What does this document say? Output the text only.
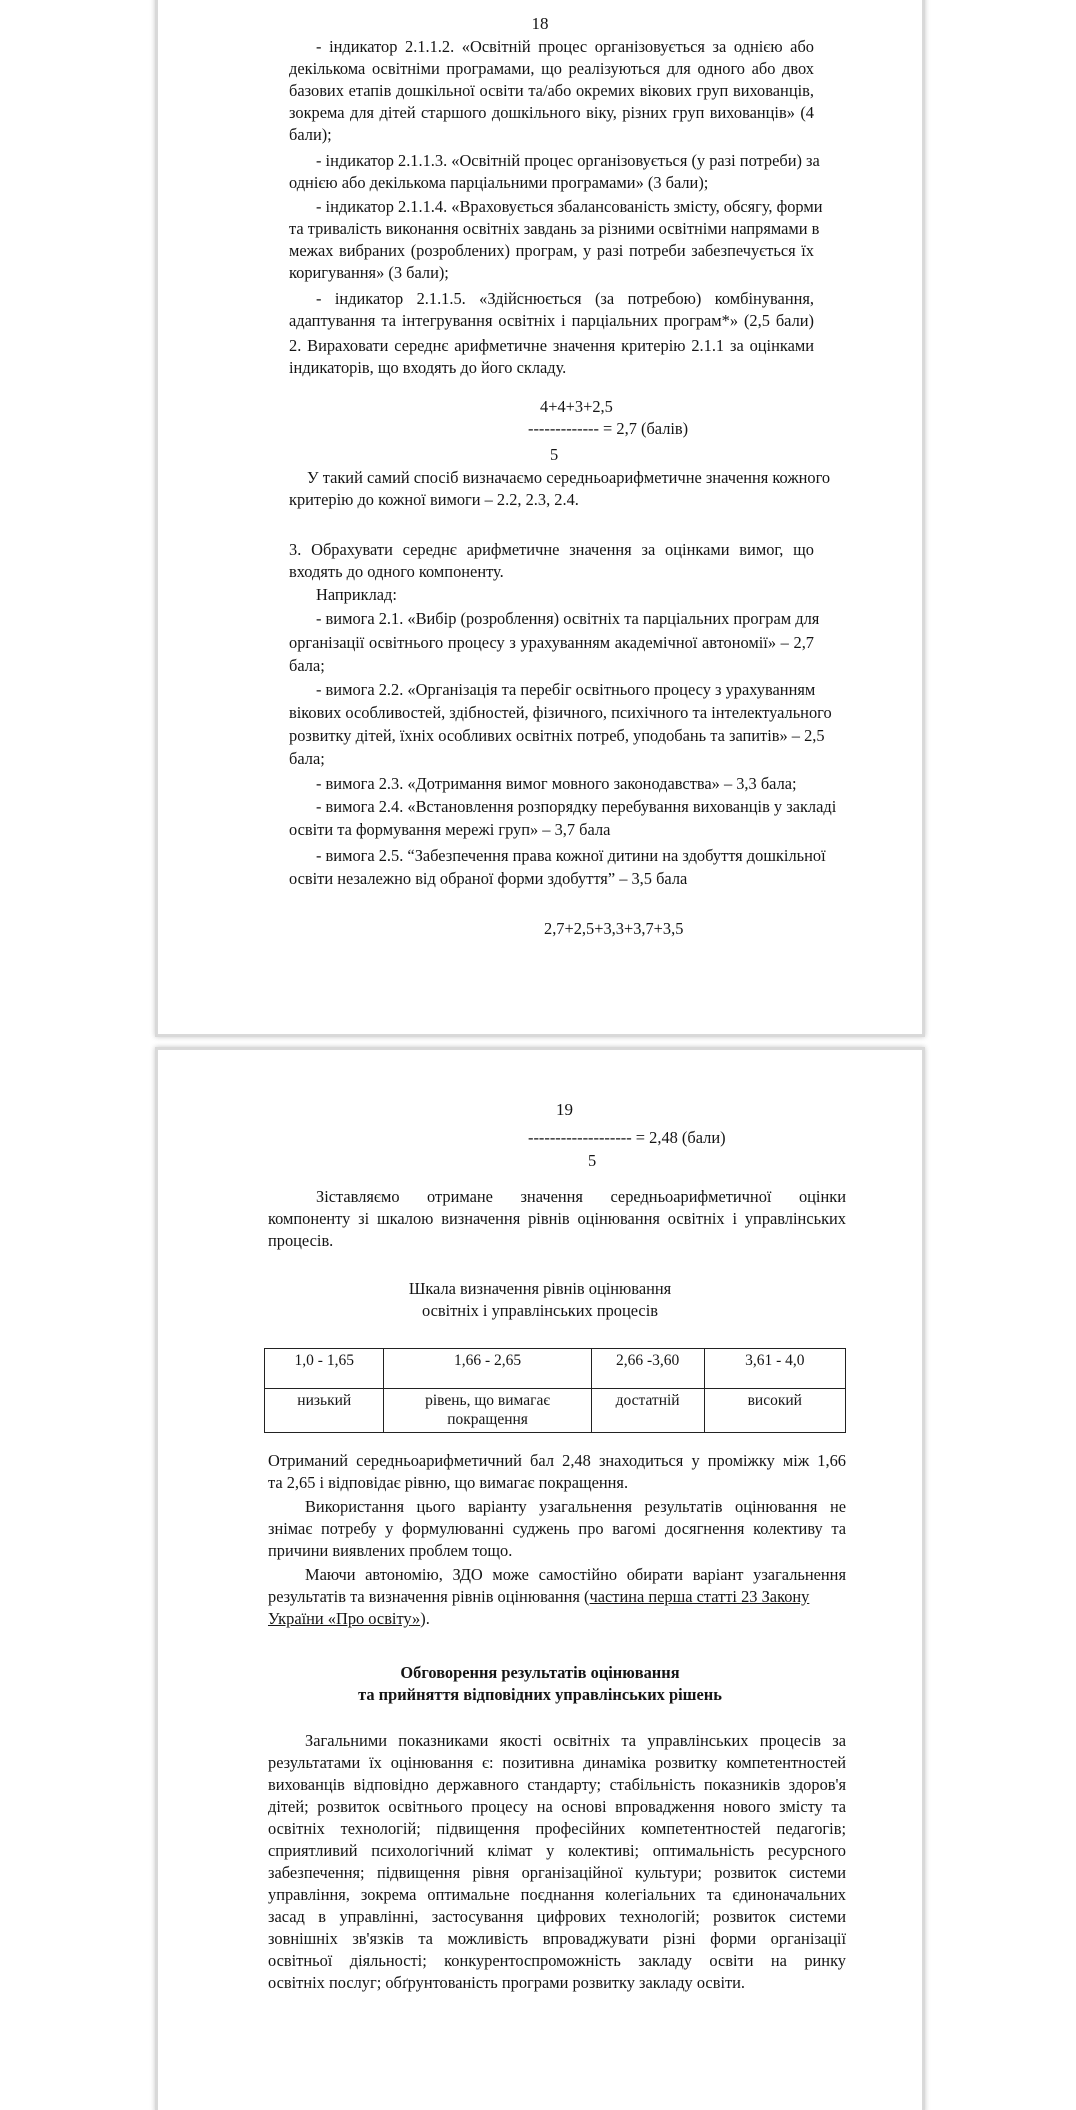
18
- індикатор 2.1.1.2. «Освітній процес організовується за однією або
декількома освітніми програмами, що реалізуються для одного або двох
базових етапів дошкільної освіти та/або окремих вікових груп вихованців,
зокрема для дітей старшого дошкільного віку, різних груп вихованців» (4
бали);
- індикатор 2.1.1.3. «Освітній процес організовується (у разі потреби) за
однією або декількома парціальними програмами» (3 бали);
- індикатор 2.1.1.4. «Враховується збалансованість змісту, обсягу, форми
та тривалість виконання освітніх завдань за різними освітніми напрямами в
межах вибраних (розроблених) програм, у разі потреби забезпечується їх
коригування» (3 бали);
- індикатор 2.1.1.5. «Здійснюється (за потребою) комбінування,
адаптування та інтегрування освітніх і парціальних програм*» (2,5 бали)
2. Вираховати середнє арифметичне значення критерію 2.1.1 за оцінками
індикаторів, що входять до його складу.
4+4+3+2,5
------------- = 2,7 (балів)
5
У такий самий спосіб визначаємо середньоарифметичне значення кожного
критерію до кожної вимоги – 2.2, 2.3, 2.4.
3. Обрахувати середнє арифметичне значення за оцінками вимог, що
входять до одного компоненту.
Наприклад:
- вимога 2.1. «Вибір (розроблення) освітніх та парціальних програм для
організації освітнього процесу з урахуванням академічної автономії» – 2,7
бала;
- вимога 2.2. «Організація та перебіг освітнього процесу з урахуванням
вікових особливостей, здібностей, фізичного, психічного та інтелектуального
розвитку дітей, їхніх особливих освітніх потреб, уподобань та запитів» – 2,5
бала;
- вимога 2.3. «Дотримання вимог мовного законодавства» – 3,3 бала;
- вимога 2.4. «Встановлення розпорядку перебування вихованців у закладі
освіти та формування мережі груп» – 3,7 бала
- вимога 2.5. “Забезпечення права кожної дитини на здобуття дошкільної
освіти незалежно від обраної форми здобуття” – 3,5 бала
2,7+2,5+3,3+3,7+3,5
19
------------------- = 2,48 (бали)
5
Зіставляємо отримане значення середньоарифметичної оцінки
компоненту зі шкалою визначення рівнів оцінювання освітніх і управлінських
процесів.
Шкала визначення рівнів оцінювання
освітніх і управлінських процесів
1,0 - 1,65	1,66 - 2,65	2,66 -3,60	3,61 - 4,0
низький	рівень, що вимагає покращення	достатній	високий
Отриманий середньоарифметичний бал 2,48 знаходиться у проміжку між 1,66
та 2,65 і відповідає рівню, що вимагає покращення.
Використання цього варіанту узагальнення результатів оцінювання не
знімає потребу у формулюванні суджень про вагомі досягнення колективу та
причини виявлених проблем тощо.
Маючи автономію, ЗДО може самостійно обирати варіант узагальнення
результатів та визначення рівнів оцінювання (частина перша статті 23 Закону
України «Про освіту»).
Обговорення результатів оцінювання
та прийняття відповідних управлінських рішень
Загальними показниками якості освітніх та управлінських процесів за
результатами їх оцінювання є: позитивна динаміка розвитку компетентностей
вихованців відповідно державного стандарту; стабільність показників здоров'я
дітей; розвиток освітнього процесу на основі впровадження нового змісту та
освітніх технологій; підвищення професійних компетентностей педагогів;
сприятливий психологічний клімат у колективі; оптимальність ресурсного
забезпечення; підвищення рівня організаційної культури; розвиток системи
управління, зокрема оптимальне поєднання колегіальних та єдиноначальних
засад в управлінні, застосування цифрових технологій; розвиток системи
зовнішніх зв'язків та можливість впроваджувати різні форми організації
освітньої діяльності; конкурентоспроможність закладу освіти на ринку
освітніх послуг; обґрунтованість програми розвитку закладу освіти.
